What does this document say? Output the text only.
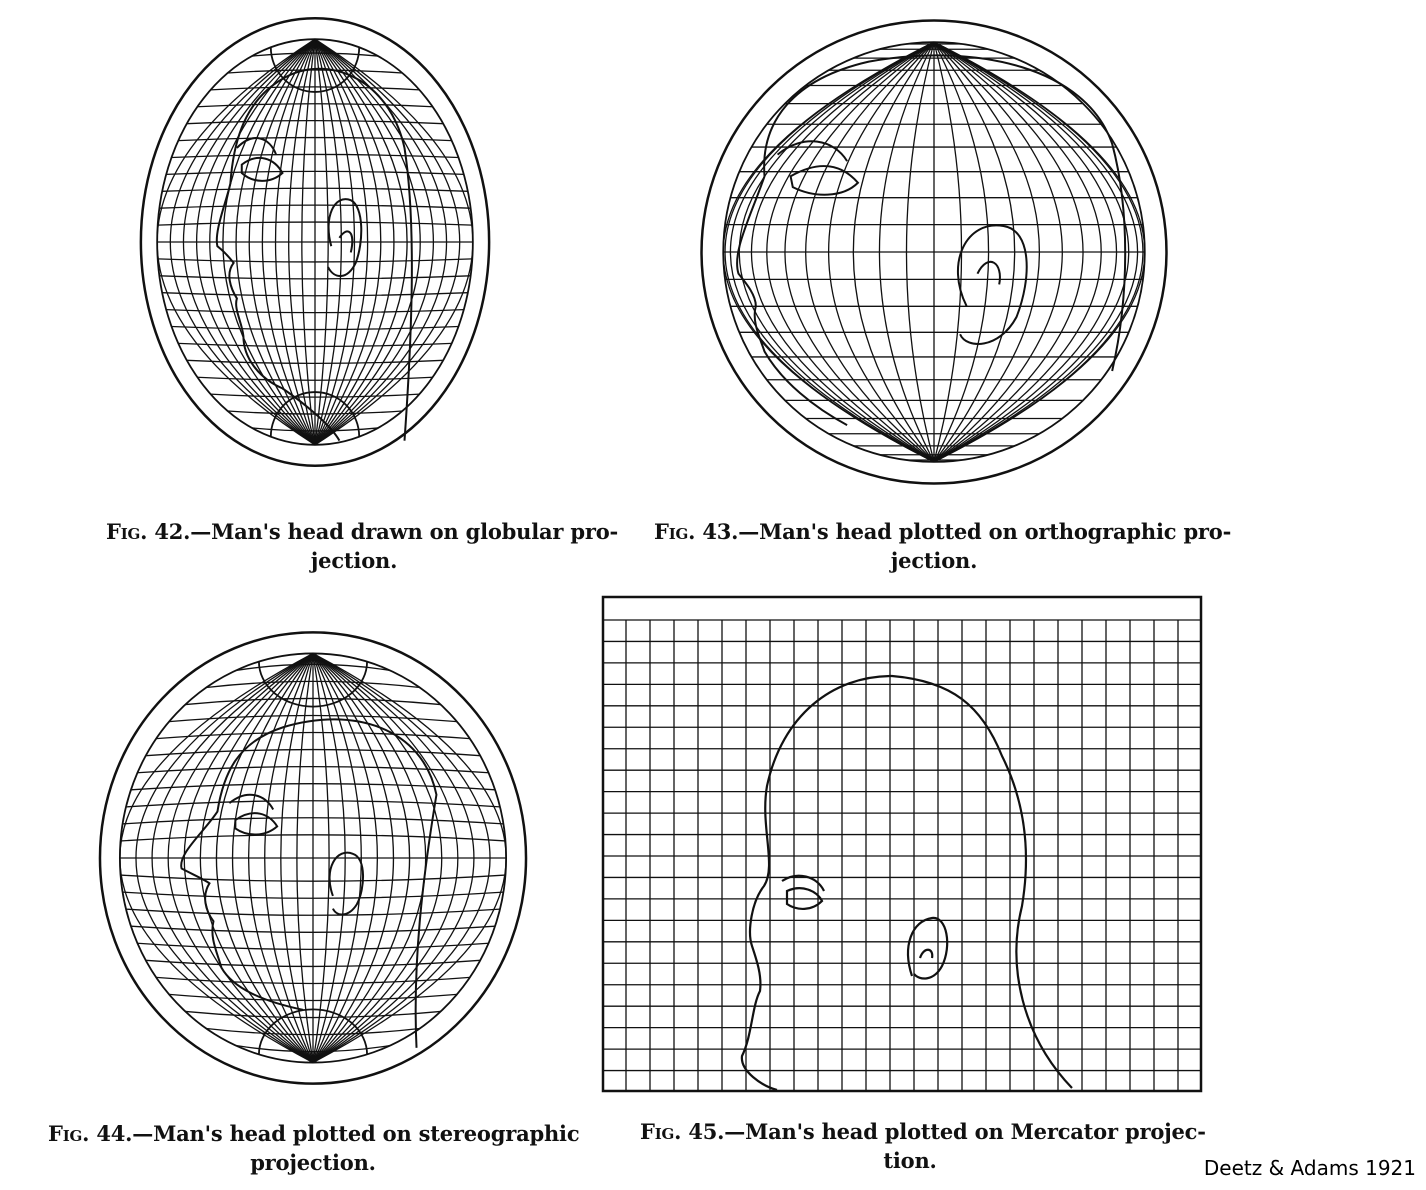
Fig. 42.—Man's head drawn on globular pro-
jection.
Fig. 43.—Man's head plotted on orthographic pro-
jection.
Fig. 44.—Man's head plotted on stereographic
projection.
Fig. 45.—Man's head plotted on Mercator projec-
tion.	Deetz & Adams 1921
